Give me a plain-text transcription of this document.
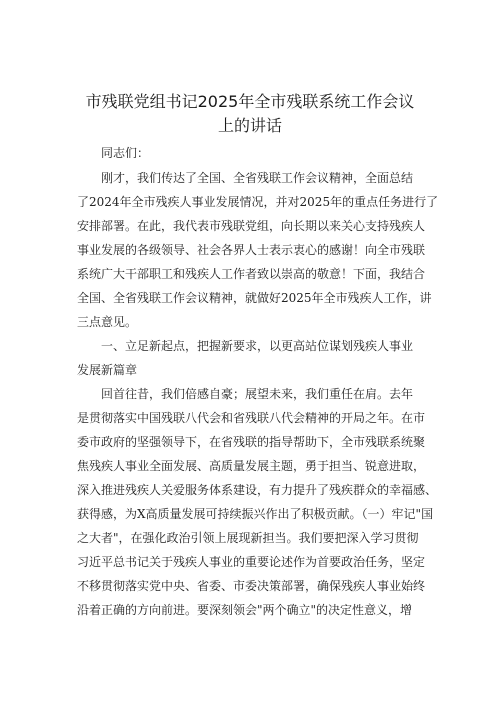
市残联党组书记2025年全市残联系统工作会议
上的讲话
同志们：
刚才，我们传达了全国、全省残联工作会议精神，全面总结
了2024年全市残疾人事业发展情况，并对2025年的重点任务进行了
安排部署。在此，我代表市残联党组，向长期以来关心支持残疾人
事业发展的各级领导、社会各界人士表示衷心的感谢！向全市残联
系统广大干部职工和残疾人工作者致以崇高的敬意！下面，我结合
全国、全省残联工作会议精神，就做好2025年全市残疾人工作，讲
三点意见。
一、立足新起点，把握新要求，以更高站位谋划残疾人事业
发展新篇章
回首往昔，我们倍感自豪；展望未来，我们重任在肩。去年
是贯彻落实中国残联八代会和省残联八代会精神的开局之年。在市
委市政府的坚强领导下，在省残联的指导帮助下，全市残联系统聚
焦残疾人事业全面发展、高质量发展主题，勇于担当、锐意进取，
深入推进残疾人关爱服务体系建设，有力提升了残疾群众的幸福感、
获得感，为X高质量发展可持续振兴作出了积极贡献。（一）牢记"国
之大者"，在强化政治引领上展现新担当。我们要把深入学习贯彻
习近平总书记关于残疾人事业的重要论述作为首要政治任务，坚定
不移贯彻落实党中央、省委、市委决策部署，确保残疾人事业始终
沿着正确的方向前进。要深刻领会"两个确立"的决定性意义，增
